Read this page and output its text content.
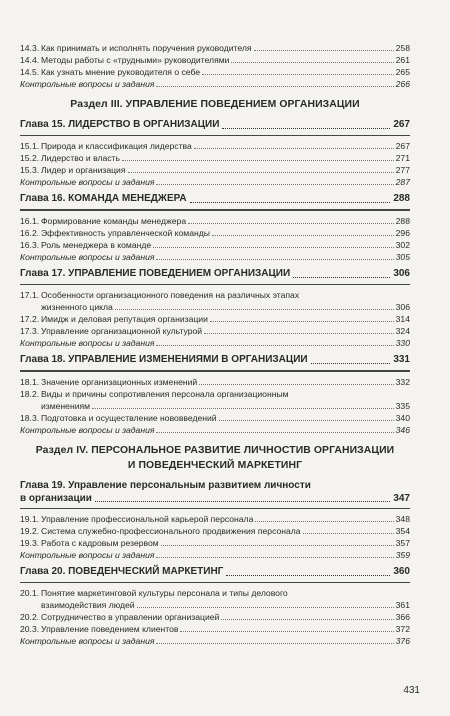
14.3. Как принимать и исполнять поручения руководителя	258
14.4. Методы работы с «трудными» руководителями	261
14.5. Как узнать мнение руководителя о себе	265
Контрольные вопросы и задания	266
Раздел III. УПРАВЛЕНИЕ ПОВЕДЕНИЕМ ОРГАНИЗАЦИИ
Глава 15. ЛИДЕРСТВО В ОРГАНИЗАЦИИ	267
15.1. Природа и классификация лидерства	267
15.2. Лидерство и власть	271
15.3. Лидер и организация	277
Контрольные вопросы и задания	287
Глава 16. КОМАНДА МЕНЕДЖЕРА	288
16.1. Формирование команды менеджера	288
16.2. Эффективность управленческой команды	296
16.3. Роль менеджера в команде	302
Контрольные вопросы и задания	305
Глава 17. УПРАВЛЕНИЕ ПОВЕДЕНИЕМ ОРГАНИЗАЦИИ	306
17.1. Особенности организационного поведения на различных этапах
жизненного цикла	306
17.2. Имидж и деловая репутация организации	314
17.3. Управление организационной культурой	324
Контрольные вопросы и задания	330
Глава 18. УПРАВЛЕНИЕ ИЗМЕНЕНИЯМИ В ОРГАНИЗАЦИИ	331
18.1. Значение организационных изменений	332
18.2. Виды и причины сопротивления персонала организационным
изменениям	335
18.3. Подготовка и осуществление нововведений	340
Контрольные вопросы и задания	346
Раздел IV. ПЕРСОНАЛЬНОЕ РАЗВИТИЕ ЛИЧНОСТИВ ОРГАНИЗАЦИИ
И ПОВЕДЕНЧЕСКИЙ МАРКЕТИНГ
Глава 19. Управление персональным развитием личности
в организации	347
19.1. Управление профессиональной карьерой персонала	348
19.2. Система служебно-профессионального продвижения персонала	354
19.3. Работа с кадровым резервом	357
Контрольные вопросы и задания	359
Глава 20. ПОВЕДЕНЧЕСКИЙ МАРКЕТИНГ	360
20.1. Понятие маркетинговой культуры персонала и типы делового
взаимодействия людей	361
20.2. Сотрудничество в управлении организацией	366
20.3. Управление поведением клиентов	372
Контрольные вопросы и задания	376
431
